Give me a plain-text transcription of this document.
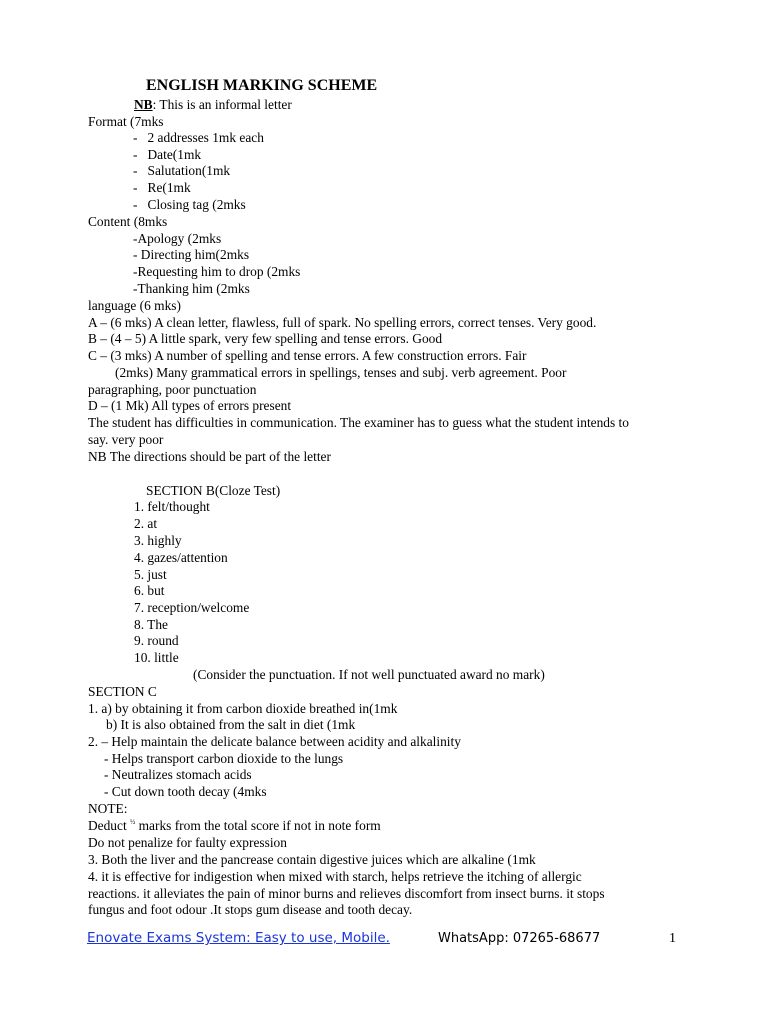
ENGLISH MARKING SCHEME
NB: This is an informal letter
Format (7mks
-   2 addresses 1mk each
-   Date(1mk
-   Salutation(1mk
-   Re(1mk
-   Closing tag (2mks
Content (8mks
-Apology (2mks
- Directing him(2mks
-Requesting him to drop (2mks
-Thanking him (2mks
language (6 mks)
A – (6 mks) A clean letter, flawless, full of spark. No spelling errors, correct tenses. Very good.
B – (4 – 5) A little spark, very few spelling and tense errors. Good
C – (3 mks) A number of spelling and tense errors. A few construction errors. Fair
(2mks) Many grammatical errors in spellings, tenses and subj. verb agreement. Poor
paragraphing, poor punctuation
D – (1 Mk) All types of errors present
The student has difficulties in communication. The examiner has to guess what the student intends to
say. very poor
NB The directions should be part of the letter
SECTION B(Cloze Test)
1. felt/thought
2. at
3. highly
4. gazes/attention
5. just
6. but
7. reception/welcome
8. The
9. round
10. little
(Consider the punctuation. If not well punctuated award no mark)
SECTION C
1. a) by obtaining it from carbon dioxide breathed in(1mk
b) It is also obtained from the salt in diet (1mk
2. – Help maintain the delicate balance between acidity and alkalinity
- Helps transport carbon dioxide to the lungs
- Neutralizes stomach acids
- Cut down tooth decay (4mks
NOTE:
Deduct $^{\frac{1}{2}}$ marks from the total score if not in note form
Do not penalize for faulty expression
3. Both the liver and the pancrease contain digestive juices which are alkaline (1mk
4. it is effective for indigestion when mixed with starch, helps retrieve the itching of allergic
reactions. it alleviates the pain of minor burns and relieves discomfort from insect burns. it stops
fungus and foot odour .It stops gum disease and tooth decay.
Enovate Exams System: Easy to use, Mobile.	WhatsApp: 07265-68677	1
